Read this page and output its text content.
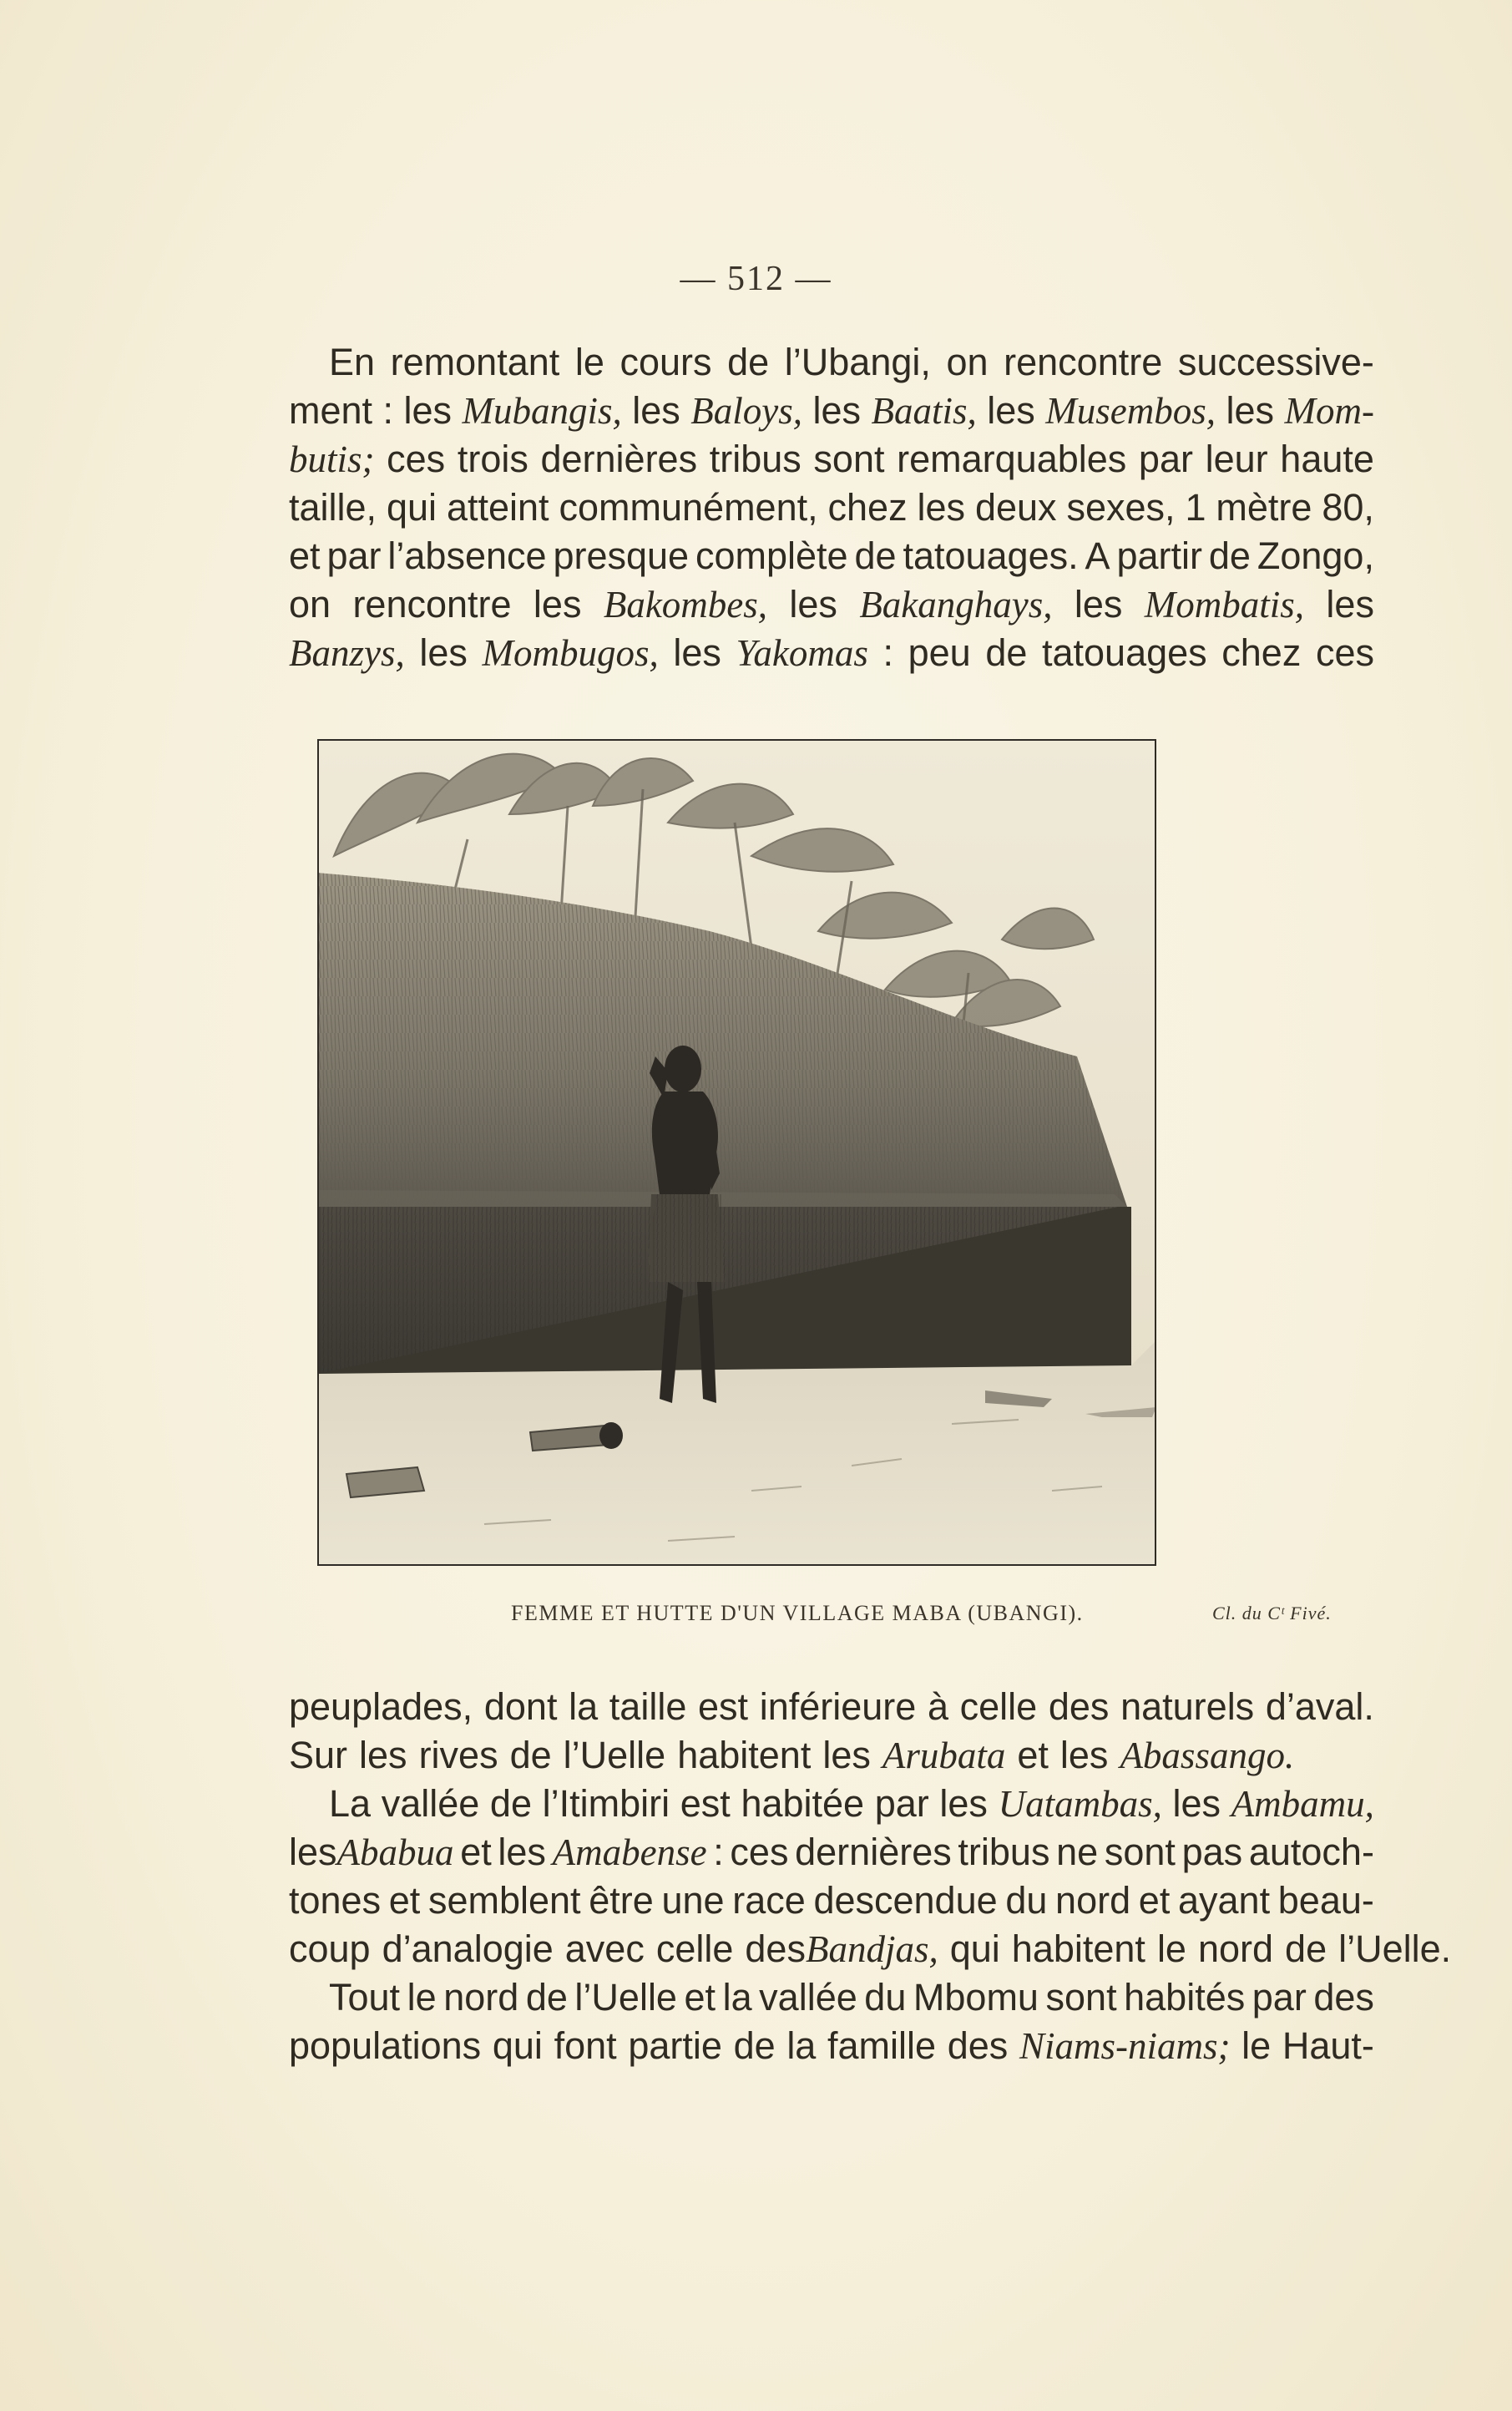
— 512 —
En remontant le cours de l’Ubangi, on rencontre successive-
ment : les Mubangis, les Baloys, les Baatis, les Musembos, les Mom-
butis; ces trois dernières tribus sont remarquables par leur haute
taille, qui atteint communément, chez les deux sexes, 1 mètre 80,
et par l’absence presque complète de tatouages. A partir de Zongo,
on rencontre les Bakombes, les Bakanghays, les Mombatis, les
Banzys, les Mombugos, les Yakomas : peu de tatouages chez ces
FEMME ET HUTTE D'UN VILLAGE MABA (UBANGI).	Cl. du Cᵗ Fivé.
peuplades, dont la taille est inférieure à celle des naturels d’aval.
Sur les rives de l’Uelle habitent les Arubata et les Abassango.
La vallée de l’Itimbiri est habitée par les Uatambas, les Ambamu,
lesAbabua et les Amabense : ces dernières tribus ne sont pas autoch-
tones et semblent être une race descendue du nord et ayant beau-
coup d’analogie avec celle desBandjas, qui habitent le nord de l’Uelle.
Tout le nord de l’Uelle et la vallée du Mbomu sont habités par des
populations qui font partie de la famille des Niams-niams; le Haut-
